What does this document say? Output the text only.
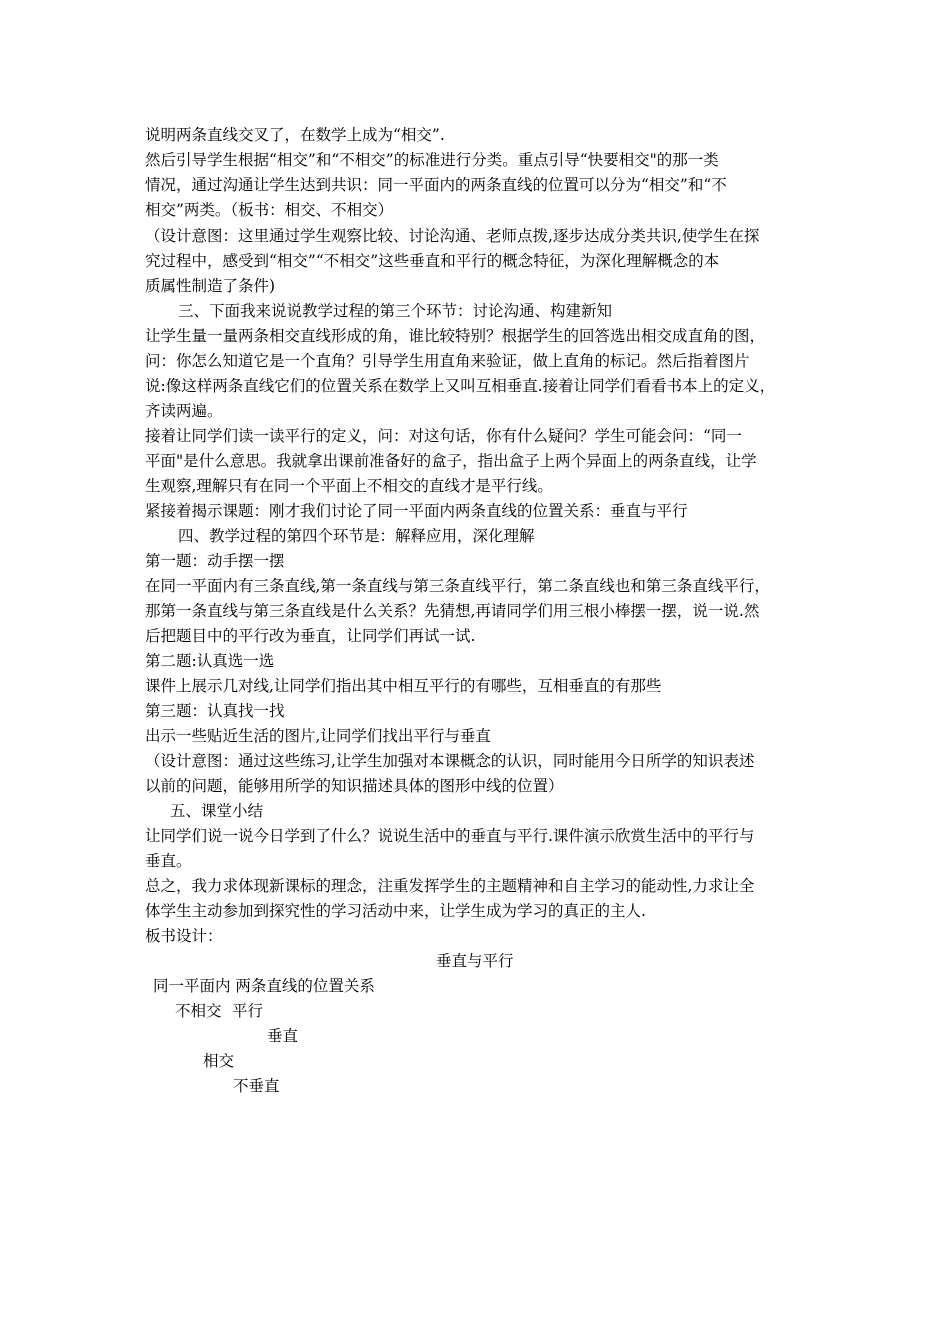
说明两条直线交叉了，在数学上成为“相交”.
然后引导学生根据“相交”和“不相交”的标准进行分类。重点引导“快要相交"的那一类
情况，通过沟通让学生达到共识：同一平面内的两条直线的位置可以分为“相交”和“不
相交”两类。（板书：相交、不相交）
（设计意图：这里通过学生观察比较、讨论沟通、老师点拨,逐步达成分类共识,使学生在探
究过程中，感受到“相交”“不相交”这些垂直和平行的概念特征，为深化理解概念的本
质属性制造了条件)
三、下面我来说说教学过程的第三个环节：讨论沟通、构建新知
让学生量一量两条相交直线形成的角，谁比较特别？根据学生的回答选出相交成直角的图，
问：你怎么知道它是一个直角？引导学生用直角来验证，做上直角的标记。然后指着图片
说:像这样两条直线它们的位置关系在数学上又叫互相垂直.接着让同学们看看书本上的定义，
齐读两遍。
接着让同学们读一读平行的定义，问：对这句话，你有什么疑问？学生可能会问：“同一
平面"是什么意思。我就拿出课前准备好的盒子，指出盒子上两个异面上的两条直线，让学
生观察,理解只有在同一个平面上不相交的直线才是平行线。
紧接着揭示课题：刚才我们讨论了同一平面内两条直线的位置关系：垂直与平行
四、教学过程的第四个环节是：解释应用，深化理解
第一题：动手摆一摆
在同一平面内有三条直线,第一条直线与第三条直线平行，第二条直线也和第三条直线平行，
那第一条直线与第三条直线是什么关系？先猜想,再请同学们用三根小棒摆一摆，说一说.然
后把题目中的平行改为垂直，让同学们再试一试.
第二题:认真选一选
课件上展示几对线,让同学们指出其中相互平行的有哪些，互相垂直的有那些
第三题：认真找一找
出示一些贴近生活的图片,让同学们找出平行与垂直
（设计意图：通过这些练习,让学生加强对本课概念的认识，同时能用今日所学的知识表述
以前的问题，能够用所学的知识描述具体的图形中线的位置）
五、课堂小结
让同学们说一说今日学到了什么？说说生活中的垂直与平行.课件演示欣赏生活中的平行与
垂直。
总之，我力求体现新课标的理念，注重发挥学生的主题精神和自主学习的能动性,力求让全
体学生主动参加到探究性的学习活动中来，让学生成为学习的真正的主人.
板书设计：
垂直与平行
同一平面内 两条直线的位置关系
不相交 平行
垂直
相交
不垂直
